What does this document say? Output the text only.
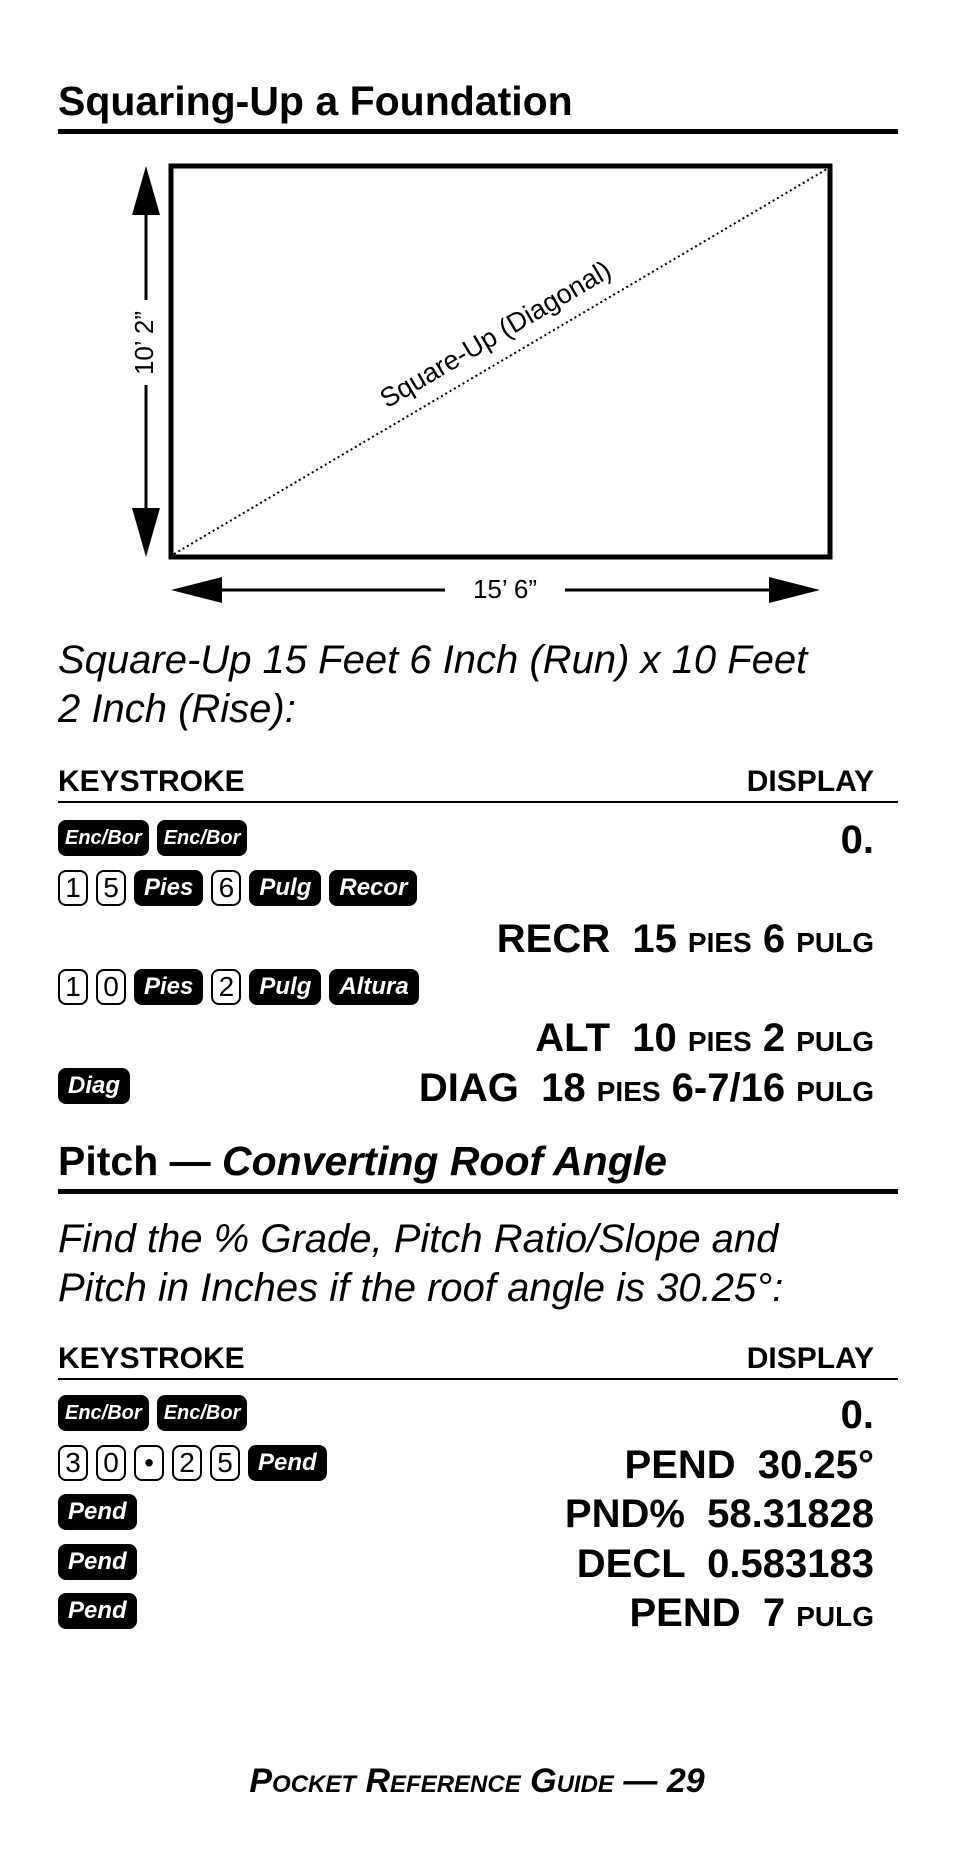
Squaring-Up a Foundation
10’ 2”
15’ 6”
Square-Up (Diagonal)
Square-Up 15 Feet 6 Inch (Run) x 10 Feet
2 Inch (Rise):
KEYSTROKE	DISPLAY
Enc/Bor	Enc/Bor	0.
1 5	Pies 6	Pulg	Recor
RECR  15 PIES 6 PULG
1 0	Pies 2	Pulg	Altura
ALT  10 PIES 2 PULG
Diag	DIAG  18 PIES 6-7/16 PULG
Pitch — Converting Roof Angle
Find the % Grade, Pitch Ratio/Slope and
Pitch in Inches if the roof angle is 30.25°:
KEYSTROKE	DISPLAY
Enc/Bor	Enc/Bor	0.
3 0 • 2 5	Pend	PEND  30.25°
Pend	PND%  58.31828
Pend	DECL  0.583183
Pend	PEND  7 PULG
Pocket Reference Guide — 29
